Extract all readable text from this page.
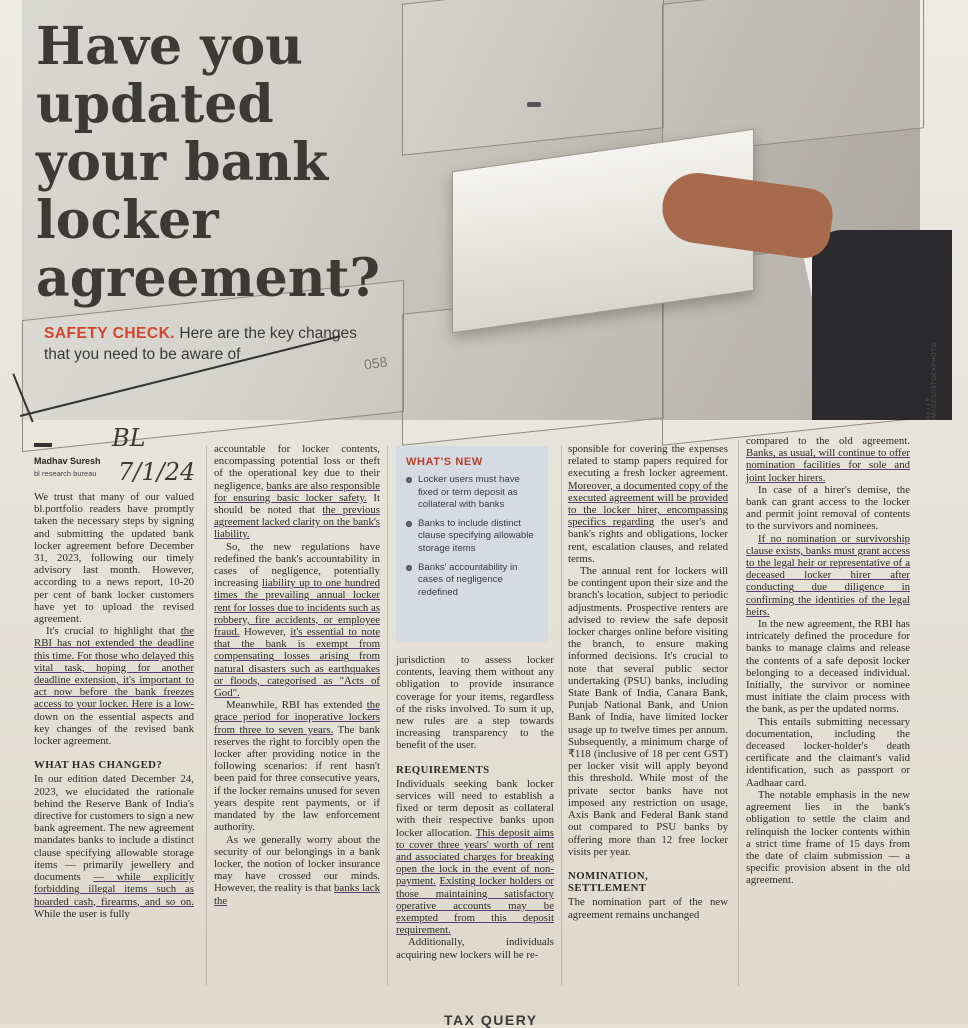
058
GETTY IMAGES/ISTOCKPHOTO
Have you updated your bank locker agreement?
SAFETY CHECK. Here are the key changes that you need to be aware of
BL
7/1/24
Madhav Suresh
bl research bureau

We trust that many of our valued bl.portfolio readers have promptly taken the necessary steps by signing and submitting the updated bank locker agreement before December 31, 2023, following our timely advisory last month. However, according to a news report, 10-20 per cent of bank locker customers have yet to upload the revised agreement.

It's crucial to highlight that the RBI has not extended the deadline this time. For those who delayed this vital task, hoping for another deadline extension, it's important to act now before the bank freezes access to your locker. Here is a low-down on the essential aspects and key changes of the revised bank locker agreement.

WHAT HAS CHANGED?

In our edition dated December 24, 2023, we elucidated the rationale behind the Reserve Bank of India's directive for customers to sign a new bank agreement. The new agreement mandates banks to include a distinct clause specifying allowable storage items — primarily jewellery and documents — while explicitly forbidding illegal items such as hoarded cash, firearms, and so on. While the user is fully

accountable for locker contents, encompassing potential loss or theft of the operational key due to their negligence, banks are also responsible for ensuring basic locker safety. It should be noted that the previous agreement lacked clarity on the bank's liability.

So, the new regulations have redefined the bank's accountability in cases of negligence, potentially increasing liability up to one hundred times the prevailing annual locker rent for losses due to incidents such as robbery, fire accidents, or employee fraud. However, it's essential to note that the bank is exempt from compensating losses arising from natural disasters such as earthquakes or floods, categorised as "Acts of God".

Meanwhile, RBI has extended the grace period for inoperative lockers from three to seven years. The bank reserves the right to forcibly open the locker after providing notice in the following scenarios: if rent hasn't been paid for three consecutive years, if the locker remains unused for seven years despite rent payments, or if mandated by the law enforcement authority.

As we generally worry about the security of our belongings in a bank locker, the notion of locker insurance may have crossed our minds. However, the reality is that banks lack the

WHAT'S NEW
Locker users must have fixed or term deposit as collateral with banks
Banks to include distinct clause specifying allowable storage items
Banks' accountability in cases of negligence redefined

jurisdiction to assess locker contents, leaving them without any obligation to provide insurance coverage for your items, regardless of the risks involved. To sum it up, new rules are a step towards increasing transparency to the benefit of the user.

REQUIREMENTS

Individuals seeking bank locker services will need to establish a fixed or term deposit as collateral with their respective banks upon locker allocation. This deposit aims to cover three years' worth of rent and associated charges for breaking open the lock in the event of non-payment. Existing locker holders or those maintaining satisfactory operative accounts may be exempted from this deposit requirement.

Additionally, individuals acquiring new lockers will be re-

sponsible for covering the expenses related to stamp papers required for executing a fresh locker agreement. Moreover, a documented copy of the executed agreement will be provided to the locker hirer, encompassing specifics regarding the user's and bank's rights and obligations, locker rent, escalation clauses, and related terms.

The annual rent for lockers will be contingent upon their size and the branch's location, subject to periodic adjustments. Prospective renters are advised to review the safe deposit locker charges online before visiting the branch, to ensure making informed decisions. It's crucial to note that several public sector undertaking (PSU) banks, including State Bank of India, Canara Bank, Punjab National Bank, and Union Bank of India, have limited locker usage up to twelve times per annum. Subsequently, a minimum charge of ₹118 (inclusive of 18 per cent GST) per locker visit will apply beyond this threshold. While most of the private sector banks have not imposed any restriction on usage, Axis Bank and Federal Bank stand out compared to PSU banks by offering more than 12 free locker visits per year.

NOMINATION, SETTLEMENT

The nomination part of the new agreement remains unchanged

compared to the old agreement. Banks, as usual, will continue to offer nomination facilities for sole and joint locker hirers.

In case of a hirer's demise, the bank can grant access to the locker and permit joint removal of contents to the survivors and nominees.

If no nomination or survivorship clause exists, banks must grant access to the legal heir or representative of a deceased locker hirer after conducting due diligence in confirming the identities of the legal heirs.

In the new agreement, the RBI has intricately defined the procedure for banks to manage claims and release the contents of a safe deposit locker belonging to a deceased individual. Initially, the survivor or nominee must initiate the claim process with the bank, as per the updated norms.

This entails submitting necessary documentation, including the deceased locker-holder's death certificate and the claimant's valid identification, such as passport or Aadhaar card.

The notable emphasis in the new agreement lies in the bank's obligation to settle the claim and relinquish the locker contents within a strict time frame of 15 days from the date of claim submission — a specific provision absent in the old agreement.

TAX QUERY
